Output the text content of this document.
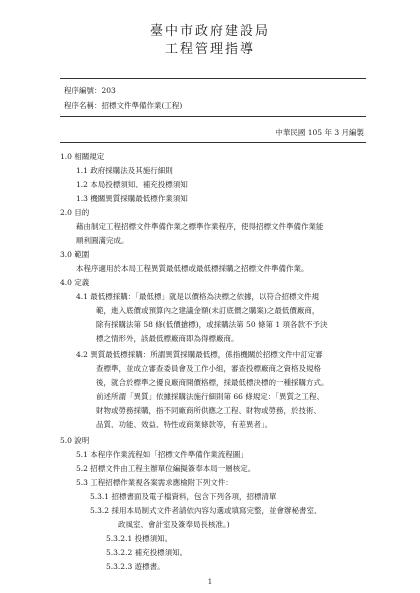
臺中市政府建設局
工程管理指導
程序編號：203
程序名稱：招標文件準備作業(工程)
中華民國 105 年 3 月編製
1.0 相關規定
1.1 政府採購法及其施行細則
1.2 本局投標須知、補充投標須知
1.3 機關異質採購最低標作業須知
2.0 目的
藉由制定工程招標文件準備作業之標準作業程序，使得招標文件準備作業能
順利圓滿完成。
3.0 範圍
本程序適用於本局工程異質最低標或最低標採購之招標文件準備作業。
4.0 定義
4.1 最低標採購：「最低標」就是以價格為決標之依據，以符合招標文件規
範，進入底價或預算內之建議金額(未訂底價之購案)之最低價廠商，
除有採購法第 58 條(低價搶標)，或採購法第 50 條第 1 項各款不予決
標之情形外，該最低標廠商即為得標廠商。
4.2 異質最低標採購：所謂異質採購最低標，係指機關於招標文件中訂定審
查標準，並成立審查委員會及工作小組，審查投標廠商之資格及規格
後，就合於標準之優良廠商開價格標，採最低標決標的一種採購方式。
前述所謂「異質」依據採購法施行細則第 66 條規定：「異質之工程、
財物或勞務採購，指不同廠商所供應之工程、財物或勞務，於技術、
品質、功能、效益、特性或商業條款等，有差異者」。
5.0 說明
5.1 本程序作業流程如「招標文件準備作業流程圖」
5.2 招標文件由工程主辦單位編擬簽奉本局一層核定。
5.3 工程招標作業視各案需求應檢附下列文件：
5.3.1 招標書面及電子檔資料，包含下列各項，招標清單
5.3.2 採用本局制式文件者請依內容勾選或填寫完整，並會辦秘書室、
政風室、會計室及簽奉局長核准。)
5.3.2.1 投標須知。
5.3.2.2 補充投標須知。
5.3.2.3 遊標書。
1
